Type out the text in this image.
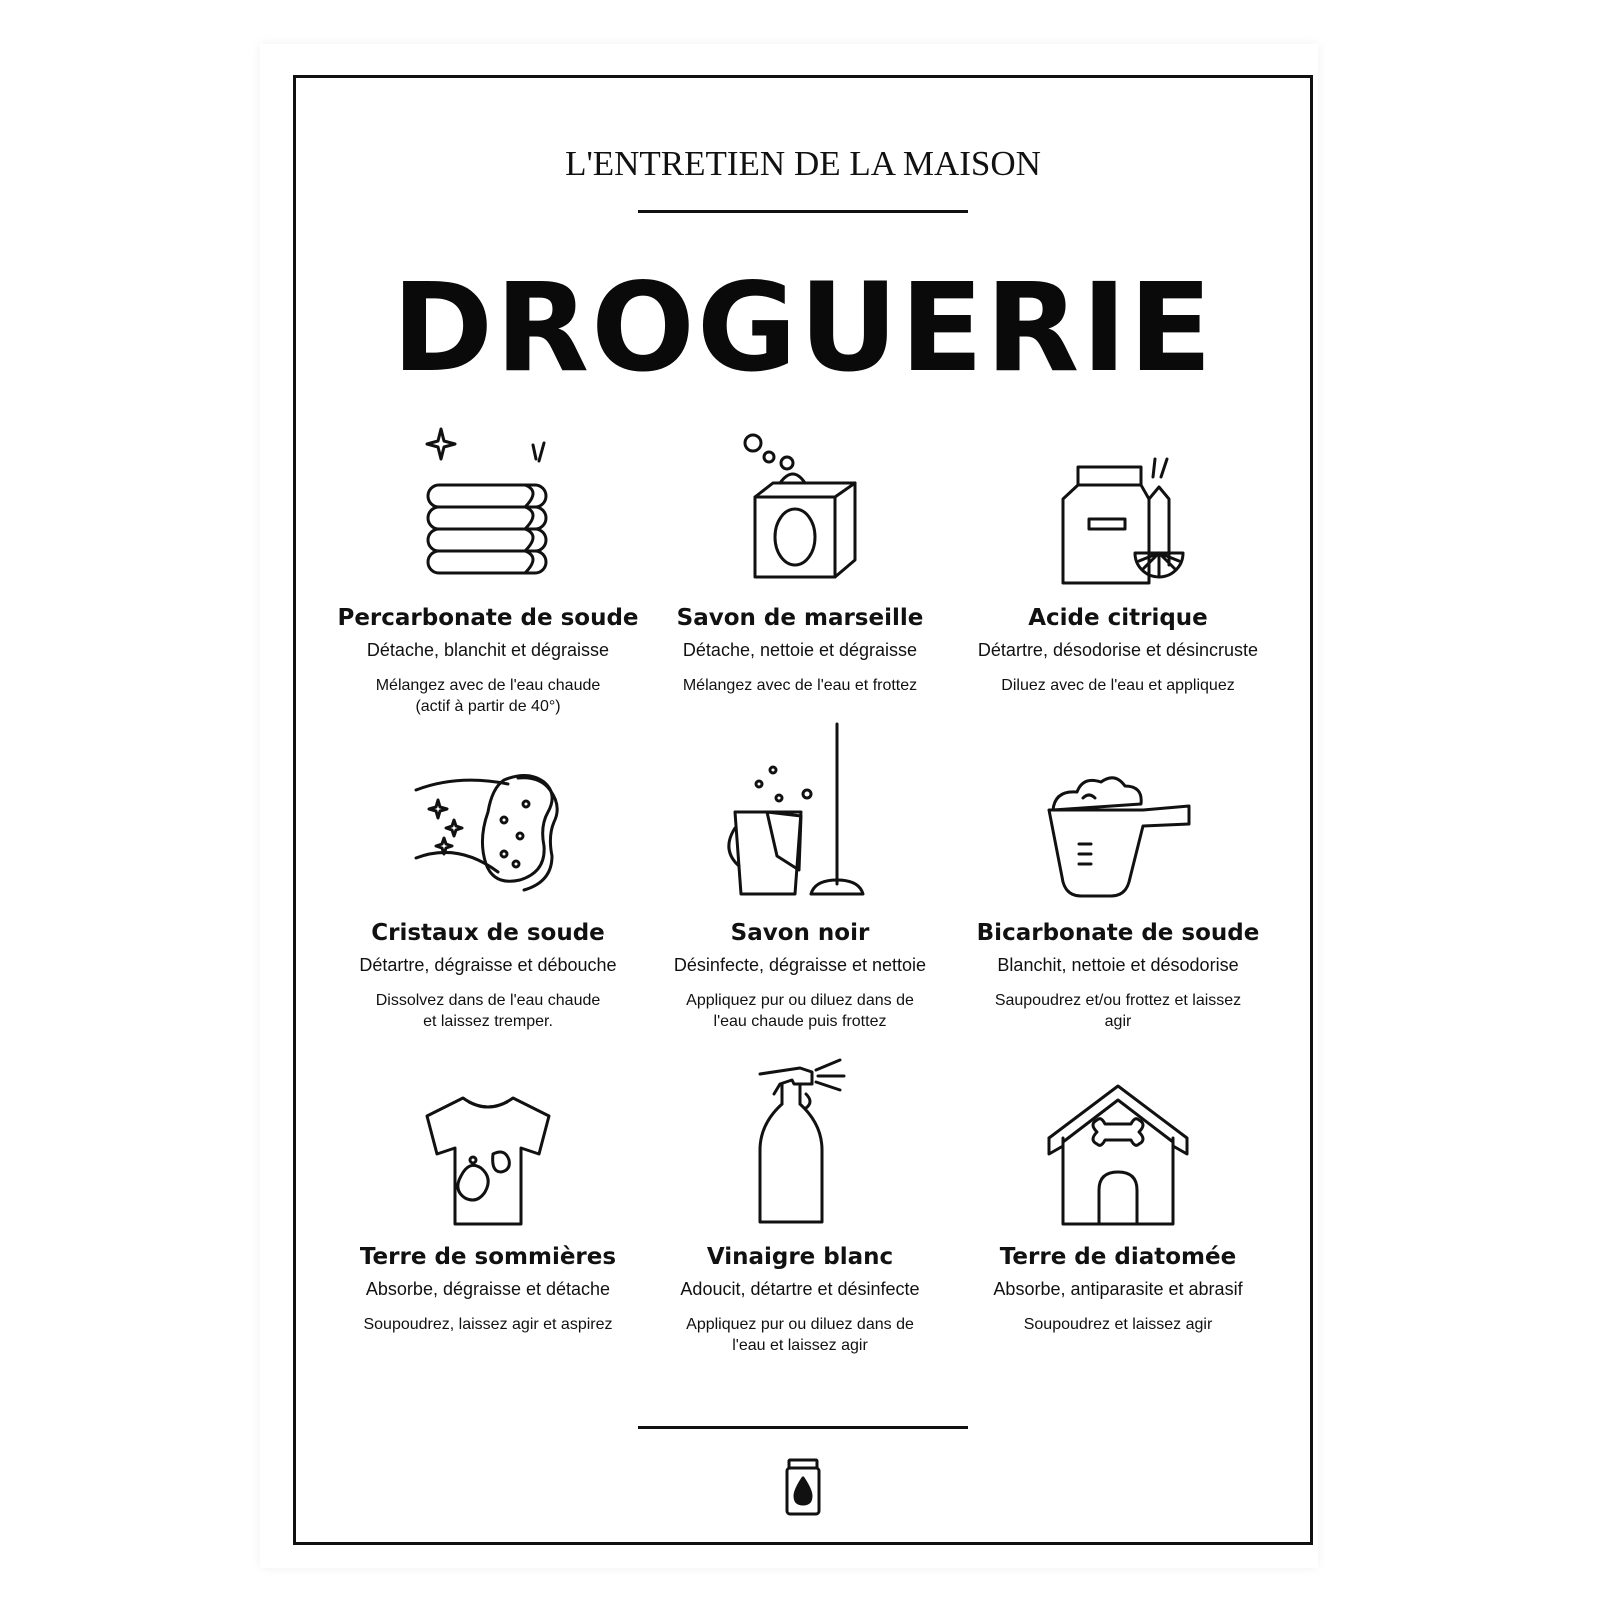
L'ENTRETIEN DE LA MAISON
DROGUERIE

Percarbonate de soude

Détache, blanchit et dégraisse

Mélangez avec de l'eau chaude
(actif à partir de 40°)

Savon de marseille

Détache, nettoie et dégraisse

Mélangez avec de l'eau et frottez

Acide citrique

Détartre, désodorise et désincruste

Diluez avec de l'eau et appliquez

Cristaux de soude

Détartre, dégraisse et débouche

Dissolvez dans de l'eau chaude
et laissez tremper.

Savon noir

Désinfecte, dégraisse et nettoie

Appliquez pur ou diluez dans de
l'eau chaude puis frottez

Bicarbonate de soude

Blanchit, nettoie et désodorise

Saupoudrez et/ou frottez et laissez
agir

Terre de sommières

Absorbe, dégraisse et détache

Soupoudrez, laissez agir et aspirez

Vinaigre blanc

Adoucit, détartre et désinfecte

Appliquez pur ou diluez dans de
l'eau et laissez agir

Terre de diatomée

Absorbe, antiparasite et abrasif

Soupoudrez et laissez agir
